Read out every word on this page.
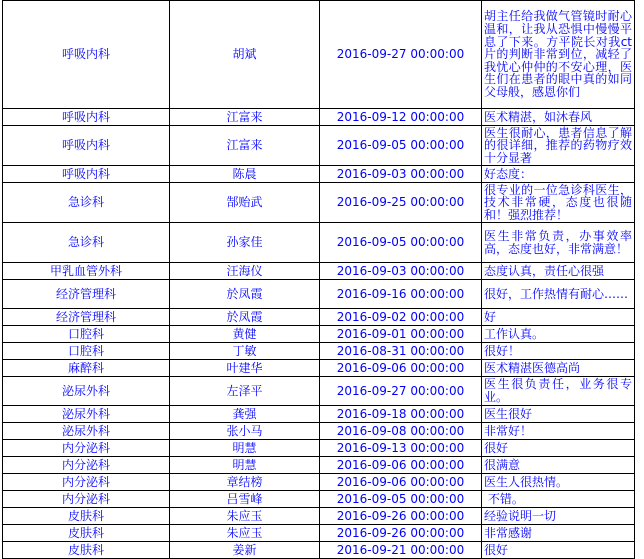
呼吸内科	胡斌	2016-09-27 00:00:00	胡主任给我做气管镜时耐心温和，让我从恐惧中慢慢平息了下来。方平院长对我ct片的判断非常到位，减轻了我忧心仲仲的不安心理，医生们在患者的眼中真的如同父母般，感恩你们
呼吸内科	江富来	2016-09-12 00:00:00	医术精湛，如沐春风
呼吸内科	江富来	2016-09-05 00:00:00	医生很耐心，患者信息了解的很详细，推荐的药物疗效十分显著
呼吸内科	陈晨	2016-09-03 00:00:00	好态度：
急诊科	郜贻武	2016-09-25 00:00:00	很专业的一位急诊科医生，技术非常硬，态度也很随和！强烈推荐！
急诊科	孙家佳	2016-09-05 00:00:00	医生非常负责，办事效率高，态度也好，非常满意！
甲乳血管外科	汪海仪	2016-09-03 00:00:00	态度认真，责任心很强
经济管理科	於凤霞	2016-09-16 00:00:00	很好，工作热情有耐心……
经济管理科	於凤霞	2016-09-02 00:00:00	好
口腔科	黄健	2016-09-01 00:00:00	工作认真。
口腔科	丁敏	2016-08-31 00:00:00	很好！
麻醉科	叶建华	2016-09-06 00:00:00	医术精湛医德高尚
泌尿外科	左泽平	2016-09-27 00:00:00	医生很负责任，业务很专业。
泌尿外科	龚强	2016-09-18 00:00:00	医生很好
泌尿外科	张小马	2016-09-08 00:00:00	非常好！
内分泌科	明慧	2016-09-13 00:00:00	很好
内分泌科	明慧	2016-09-06 00:00:00	很满意
内分泌科	章结榜	2016-09-06 00:00:00	医生人很热情。
内分泌科	吕雪峰	2016-09-05 00:00:00	不错。
皮肤科	朱应玉	2016-09-26 00:00:00	经验说明一切
皮肤科	朱应玉	2016-09-26 00:00:00	非常感谢
皮肤科	姜新	2016-09-21 00:00:00	很好
